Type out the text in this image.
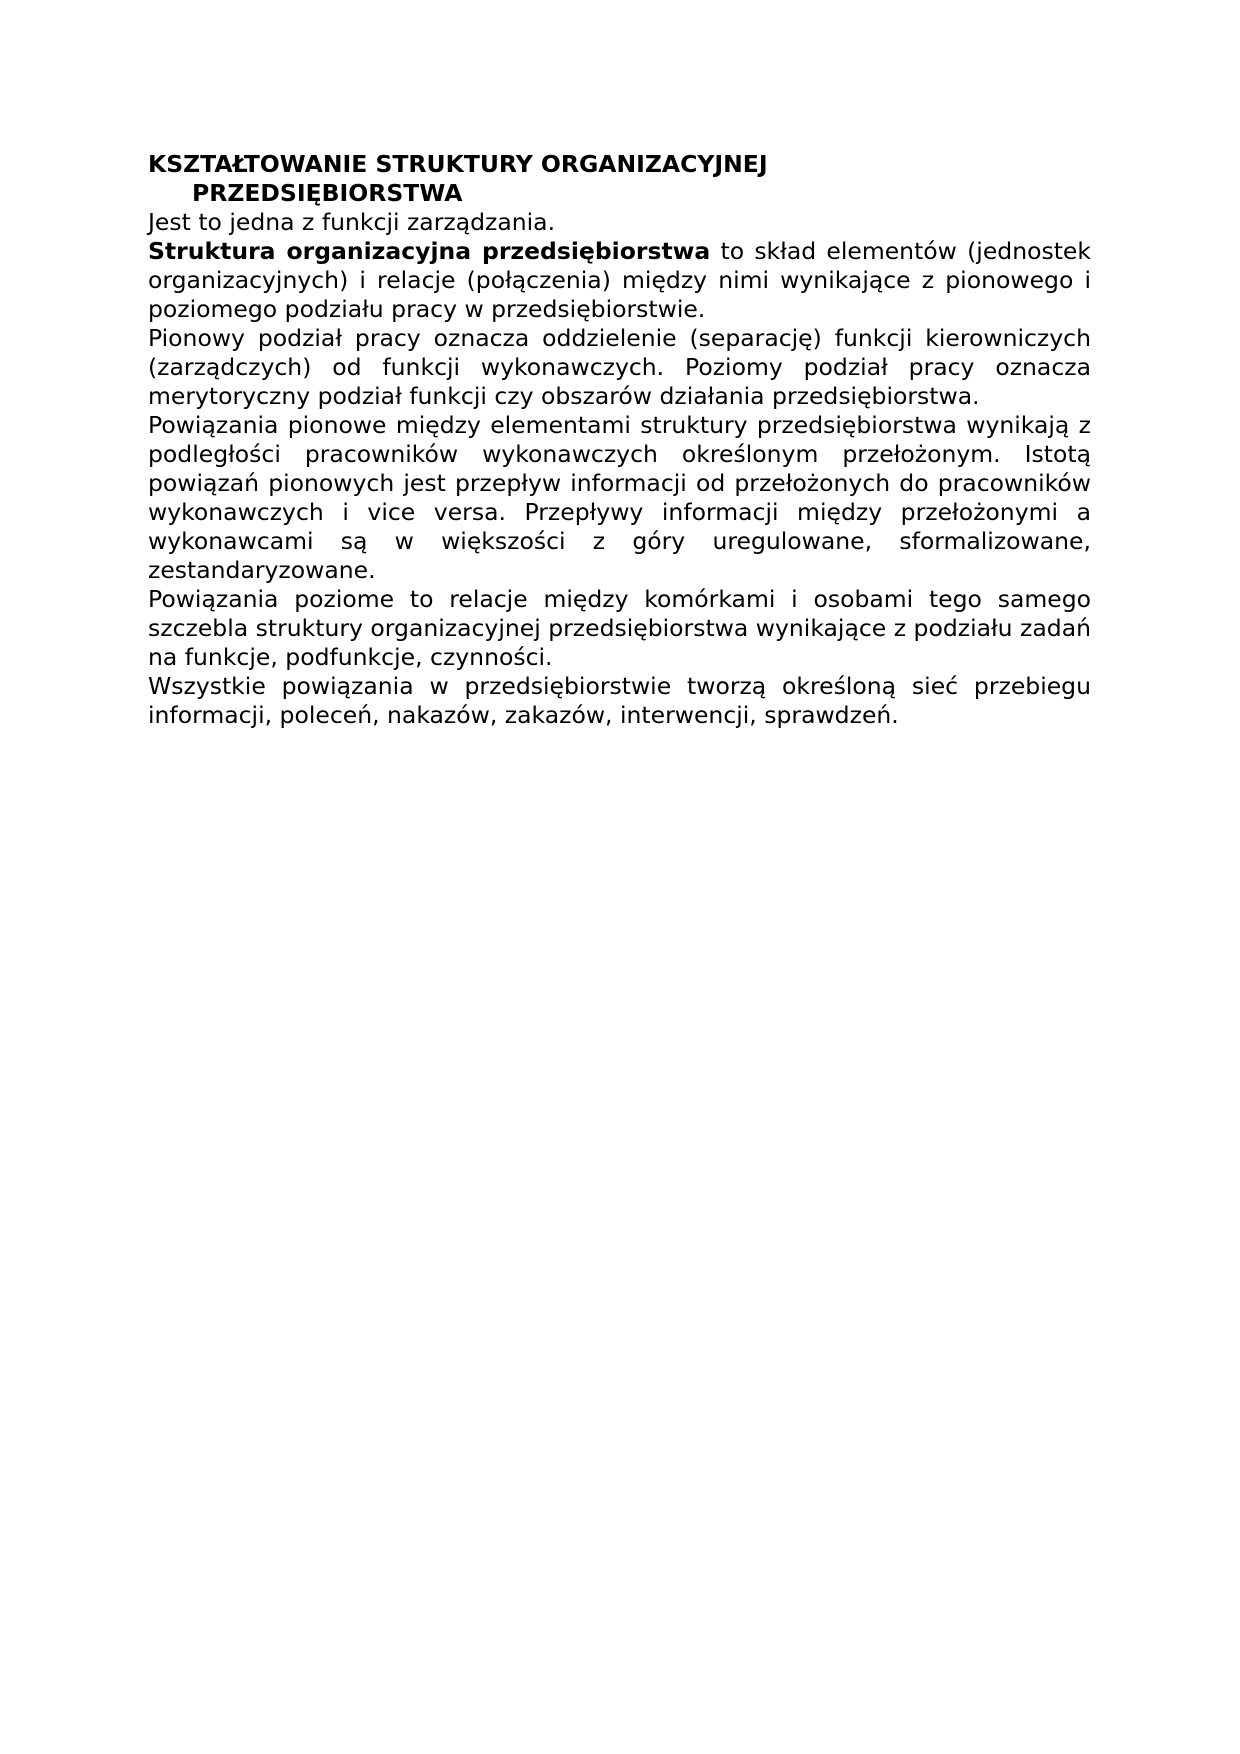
KSZTAŁTOWANIE STRUKTURY ORGANIZACYJNEJ
PRZEDSIĘBIORSTWA

Jest to jedna z funkcji zarządzania.

Struktura organizacyjna przedsiębiorstwa to skład elementów (jednostek organizacyjnych) i relacje (połączenia) między nimi wynikające z pionowego i poziomego podziału pracy w przedsiębiorstwie.

Pionowy podział pracy oznacza oddzielenie (separację) funkcji kierowniczych (zarządczych) od funkcji wykonawczych. Poziomy podział pracy oznacza merytoryczny podział funkcji czy obszarów działania przedsiębiorstwa.

Powiązania pionowe między elementami struktury przedsiębiorstwa wynikają z podległości pracowników wykonawczych określonym przełożonym. Istotą powiązań pionowych jest przepływ informacji od przełożonych do pracowników wykonawczych i vice versa. Przepływy informacji między przełożonymi a wykonawcami są w większości z góry uregulowane, sformalizowane, zestandaryzowane.

Powiązania poziome to relacje między komórkami i osobami tego samego szczebla struktury organizacyjnej przedsiębiorstwa wynikające z podziału zadań na funkcje, podfunkcje, czynności.

Wszystkie powiązania w przedsiębiorstwie tworzą określoną sieć przebiegu informacji, poleceń, nakazów, zakazów, interwencji, sprawdzeń.
